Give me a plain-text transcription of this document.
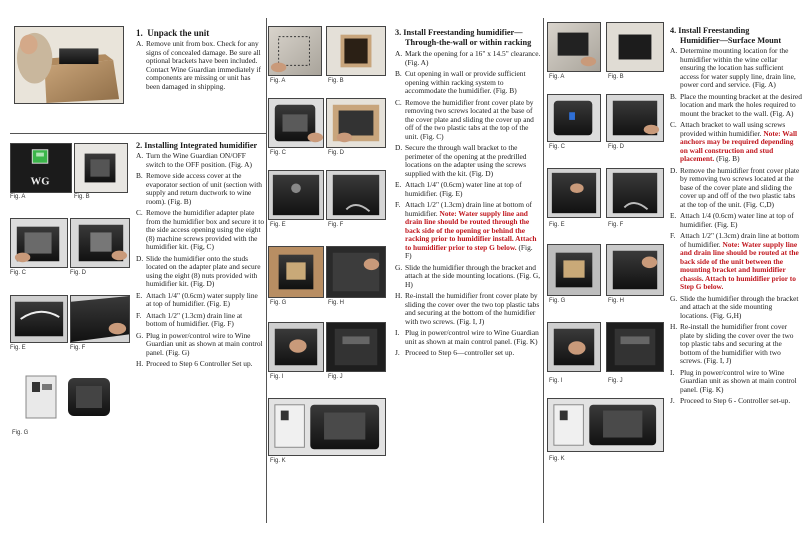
1.  Unpack the unit
A. Remove unit from box. Check for any signs of concealed damage. Be sure all optional brackets have been included. Contact Wine Guardian immediately if components are missing or unit has been damaged in shipping.
2. Installing Integrated humidifier
WG
Fig. A	Fig. B
Fig. C	Fig. D
Fig. E	Fig. F
Fig. G
A. Turn the Wine Guardian ON/OFF switch to the OFF position. (Fig. A)
B. Remove side access cover at the evaporator section of unit (section with supply and return ductwork to wine room). (Fig. B)
C. Remove the humidifier adapter plate from the humidifier box and secure it to the side access opening using the eight (8) machine screws provided with the humidifier kit. (Fig, C)
D. Slide the humidifier onto the studs located on the adapter plate and secure using the eight (8) nuts provided with humidifier kit. (Fig. D)
E. Attach 1/4" (0.6cm) water supply line at top of humidifier. (Fig. E)
F. Attach 1/2" (1.3cm) drain line at bottom of humidifier. (Fig. F)
G. Plug in power/control wire to Wine Guardian unit as shown at main control panel. (Fig. G)
H. Proceed to Step 6 Controller Set up.
Fig. A	Fig. B
Fig. C	Fig. D
Fig. E	Fig. F
Fig. G	Fig. H
Fig. I	Fig. J
Fig. K
3. Install Freestanding humidifier—
Through-the-wall or within racking
A. Mark the opening for a 16" x 14.5" clearance. (Fig. A)
B. Cut opening in wall or provide sufficient opening within racking system to accommodate the humidifier. (Fig. B)
C. Remove the humidifier front cover plate by removing two screws located at the base of the cover plate and sliding the cover up and off of the two plastic tabs at the top of the unit. (Fig. C)
D. Secure the through wall bracket to the perimeter of the opening at the predrilled locations on the adapter using the screws supplied with the kit. (Fig. D)
E. Attach 1/4" (0.6cm) water line at top of humidifier. (Fig. E)
F. Attach 1/2" (1.3cm) drain line at bottom of humidifier. Note: Water supply line and drain line should be routed through the back side of the opening or behind the racking prior to humidifier install. Attach to humidifier prior to step G below. (Fig. F)
G. Slide the humidifier through the bracket and attach at the side mounting locations. (Fig. G, H)
H. Re-install the humidifier front cover plate by sliding the cover over the two top plastic tabs and securing at the bottom of the humidifier with two screws. (Fig. I, J)
I. Plug in power/control wire to Wine Guardian unit as shown at main control panel. (Fig. K)
J. Proceed to Step 6—controller set up.
Fig. A	Fig. B
Fig. C	Fig. D
Fig. E	Fig. F
Fig. G	Fig. H
Fig. I	Fig. J
Fig. K
4. Install Freestanding
Humidifier—Surface Mount
A. Determine mounting location for the humidifier within the wine cellar ensuring the location has sufficient access for water supply line, drain line, power cord and service. (Fig. A)
B. Place the mounting bracket at the desired location and mark the holes required to mount the bracket to the wall. (Fig. A)
C. Attach bracket to wall using screws provided within humidifier. Note: Wall anchors may be required depending on wall construction and stud placement. (Fig. B)
D. Remove the humidifier front cover plate by removing two screws located at the base of the cover plate and sliding the cover up and off of the two plastic tabs at the top of the unit. (Fig. C,D)
E. Attach 1/4 (0.6cm) water line at top of humidifier. (Fig. E)
F. Attach 1/2" (1.3cm) drain line at bottom of humidifier. Note: Water supply line and drain line should be routed at the back side of the unit between the mounting bracket and humidifier chassis. Attach to humidifier prior to Step G below.
G. Slide the humidifier through the bracket and attach at the side mounting locations. (Fig. G,H)
H. Re-install the humidifier front cover plate by sliding the cover over the two top plastic tabs and securing at the bottom of the humidifier with two screws. (Fig. I, J)
I. Plug in power/control wire to Wine Guardian unit as shown at main control panel. (Fig. K)
J. Proceed to Step 6 - Controller set-up.
